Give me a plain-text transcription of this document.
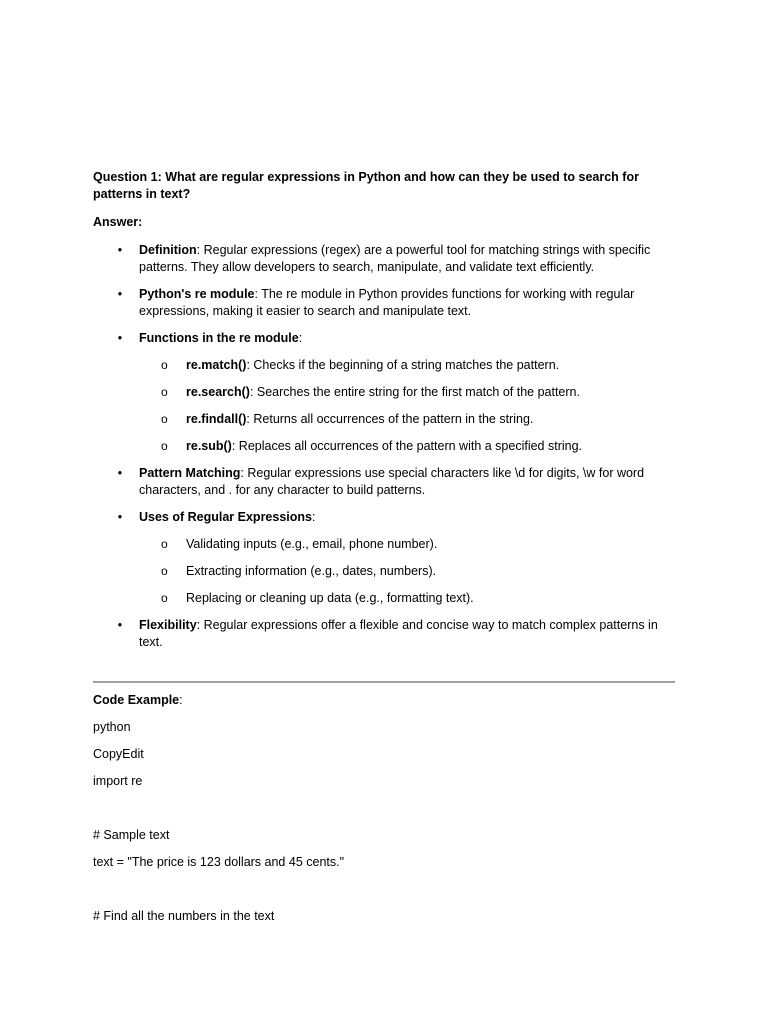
Question 1: What are regular expressions in Python and how can they be used to search for patterns in text?

Answer:

• Definition: Regular expressions (regex) are a powerful tool for matching strings with specific patterns. They allow developers to search, manipulate, and validate text efficiently.
• Python's re module: The re module in Python provides functions for working with regular expressions, making it easier to search and manipulate text.
• Functions in the re module:
o re.match(): Checks if the beginning of a string matches the pattern.
o re.search(): Searches the entire string for the first match of the pattern.
o re.findall(): Returns all occurrences of the pattern in the string.
o re.sub(): Replaces all occurrences of the pattern with a specified string.
• Pattern Matching: Regular expressions use special characters like \d for digits, \w for word characters, and . for any character to build patterns.
• Uses of Regular Expressions:
o Validating inputs (e.g., email, phone number).
o Extracting information (e.g., dates, numbers).
o Replacing or cleaning up data (e.g., formatting text).
• Flexibility: Regular expressions offer a flexible and concise way to match complex patterns in text.

Code Example:

python

CopyEdit

import re

# Sample text

text = "The price is 123 dollars and 45 cents."

# Find all the numbers in the text
